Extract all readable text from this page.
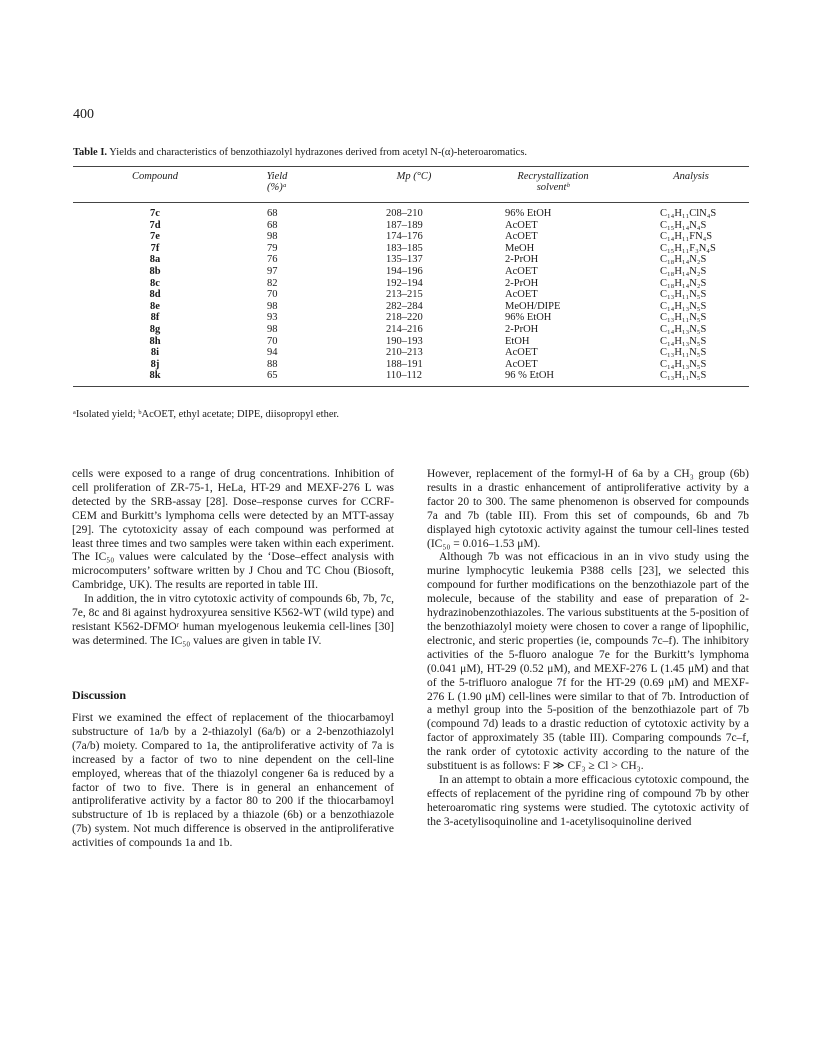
400
Table I. Yields and characteristics of benzothiazolyl hydrazones derived from acetyl N-(α)-heteroaromatics.
Compound	Yield
(%)ᵃ
Mp (°C)	Recrystallization
solventᵇ
Analysis
7c	68	208–210	96% EtOH	C₁₄H₁₁ClN₄S
7d	68	187–189	AcOET	C₁₅H₁₄N₄S
7e	98	174–176	AcOET	C₁₄H₁₁FN₄S
7f	79	183–185	MeOH	C₁₅H₁₁F₃N₄S
8a	76	135–137	2-PrOH	C₁₈H₁₄N₂S
8b	97	194–196	AcOET	C₁₈H₁₄N₂S
8c	82	192–194	2-PrOH	C₁₈H₁₄N₂S
8d	70	213–215	AcOET	C₁₃H₁₁N₅S
8e	98	282–284	MeOH/DIPE	C₁₄H₁₃N₅S
8f	93	218–220	96% EtOH	C₁₃H₁₁N₅S
8g	98	214–216	2-PrOH	C₁₄H₁₃N₅S
8h	70	190–193	EtOH	C₁₄H₁₃N₅S
8i	94	210–213	AcOET	C₁₃H₁₁N₅S
8j	88	188–191	AcOET	C₁₄H₁₃N₅S
8k	65	110–112	96 % EtOH	C₁₃H₁₁N₅S
ᵃIsolated yield; ᵇAcOET, ethyl acetate; DIPE, diisopropyl ether.

cells were exposed to a range of drug concentrations. Inhibition of cell proliferation of ZR-75-1, HeLa, HT-29 and MEXF-276 L was detected by the SRB-assay [28]. Dose–response curves for CCRF-CEM and Burkitt’s lymphoma cells were detected by an MTT-assay [29]. The cytotoxicity assay of each compound was performed at least three times and two samples were taken within each experiment. The IC₅₀ values were calculated by the ‘Dose–effect analysis with microcomputers’ software written by J Chou and TC Chou (Biosoft, Cambridge, UK). The results are reported in table III.

In addition, the in vitro cytotoxic activity of compounds 6b, 7b, 7c, 7e, 8c and 8i against hydroxyurea sensitive K562-WT (wild type) and resistant K562-DFMOʳ human myelogenous leukemia cell-lines [30] was determined. The IC₅₀ values are given in table IV.

Discussion

First we examined the effect of replacement of the thiocarbamoyl substructure of 1a/b by a 2-thiazolyl (6a/b) or a 2-benzothiazolyl (7a/b) moiety. Compared to 1a, the antiproliferative activity of 7a is increased by a factor of two to nine dependent on the cell-line employed, whereas that of the thiazolyl congener 6a is reduced by a factor of two to five. There is in general an enhancement of antiproliferative activity by a factor 80 to 200 if the thiocarbamoyl substructure of 1b is replaced by a thiazole (6b) or a benzothiazole (7b) system. Not much difference is observed in the antiproliferative activities of compounds 1a and 1b.

However, replacement of the formyl-H of 6a by a CH₃ group (6b) results in a drastic enhancement of antiproliferative activity by a factor 20 to 300. The same phenomenon is observed for compounds 7a and 7b (table III). From this set of compounds, 6b and 7b displayed high cytotoxic activity against the tumour cell-lines tested (IC₅₀ = 0.016–1.53 μM).

Although 7b was not efficacious in an in vivo study using the murine lymphocytic leukemia P388 cells [23], we selected this compound for further modifications on the benzothiazole part of the molecule, because of the stability and ease of preparation of 2-hydrazinobenzothiazoles. The various substituents at the 5-position of the benzothiazolyl moiety were chosen to cover a range of lipophilic, electronic, and steric properties (ie, compounds 7c–f). The inhibitory activities of the 5-fluoro analogue 7e for the Burkitt’s lymphoma (0.041 μM), HT-29 (0.52 μM), and MEXF-276 L (1.45 μM) and that of the 5-trifluoro analogue 7f for the HT-29 (0.69 μM) and MEXF-276 L (1.90 μM) cell-lines were similar to that of 7b. Introduction of a methyl group into the 5-position of the benzothiazole part of 7b (compound 7d) leads to a drastic reduction of cytotoxic activity by a factor of approximately 35 (table III). Comparing compounds 7c–f, the rank order of cytotoxic activity according to the nature of the substituent is as follows: F ≫ CF₃ ≥ Cl > CH₃.

In an attempt to obtain a more efficacious cytotoxic compound, the effects of replacement of the pyridine ring of compound 7b by other heteroaromatic ring systems were studied. The cytotoxic activity of the 3-acetylisoquinoline and 1-acetylisoquinoline derived
